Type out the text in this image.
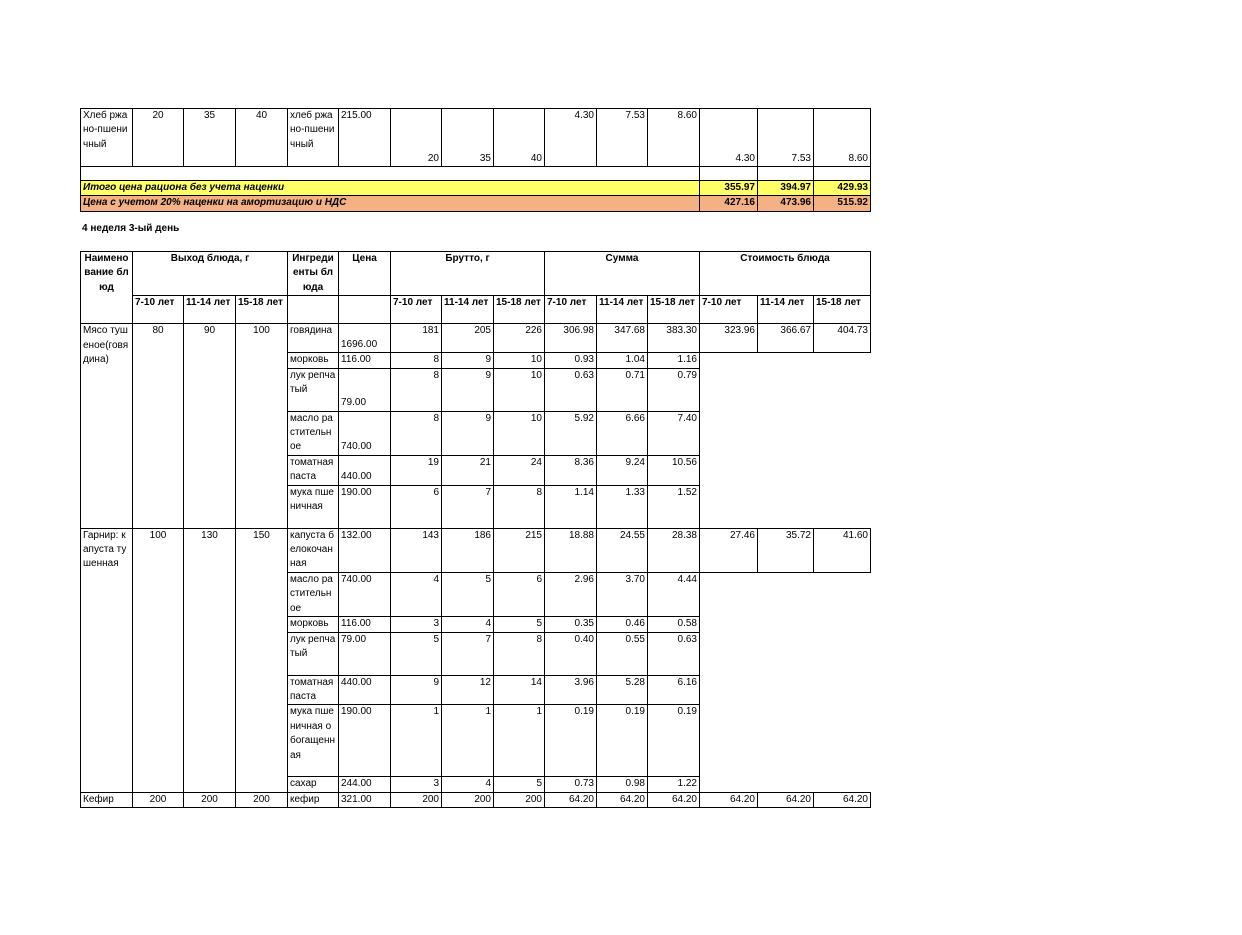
Хлеб ржано-пшеничный	20	35	40	хлеб ржано-пшеничный	215.00	20	35	40	4.30	7.53	8.60	4.30	7.53	8.60

Итого цена рациона без учета наценки												355.97	394.97	429.93
Цена с учетом 20% наценки на амортизацию и НДС												427.16	473.96	515.92
4 неделя 3-ый день
Наименование блюд	Выход блюда, г			Ингредиенты блюда	Цена	Брутто, г			Сумма			Стоимость блюда		
	7-10 лет	11-14 лет	15-18 лет			7-10 лет	11-14 лет	15-18 лет	7-10 лет	11-14 лет	15-18 лет	7-10 лет	11-14 лет	15-18 лет
Мясо тушеное(говядина)	80	90	100	говядина	1696.00	181	205	226	306.98	347.68	383.30	323.96	366.67	404.73
				морковь	116.00	8	9	10	0.93	1.04	1.16			
				лук репчатый	79.00	8	9	10	0.63	0.71	0.79			
				масло растительное	740.00	8	9	10	5.92	6.66	7.40			
				томатная паста	440.00	19	21	24	8.36	9.24	10.56			
				мука пшеничная	190.00	6	7	8	1.14	1.33	1.52			
Гарнир: капуста тушенная	100	130	150	капуста белокочанная	132.00	143	186	215	18.88	24.55	28.38	27.46	35.72	41.60
				масло растительное	740.00	4	5	6	2.96	3.70	4.44			
				морковь	116.00	3	4	5	0.35	0.46	0.58			
				лук репчатый	79.00	5	7	8	0.40	0.55	0.63			
				томатная паста	440.00	9	12	14	3.96	5.28	6.16			
				мука пшеничная обогащенная	190.00	1	1	1	0.19	0.19	0.19			
				сахар	244.00	3	4	5	0.73	0.98	1.22			
Кефир	200	200	200	кефир	321.00	200	200	200	64.20	64.20	64.20	64.20	64.20	64.20
